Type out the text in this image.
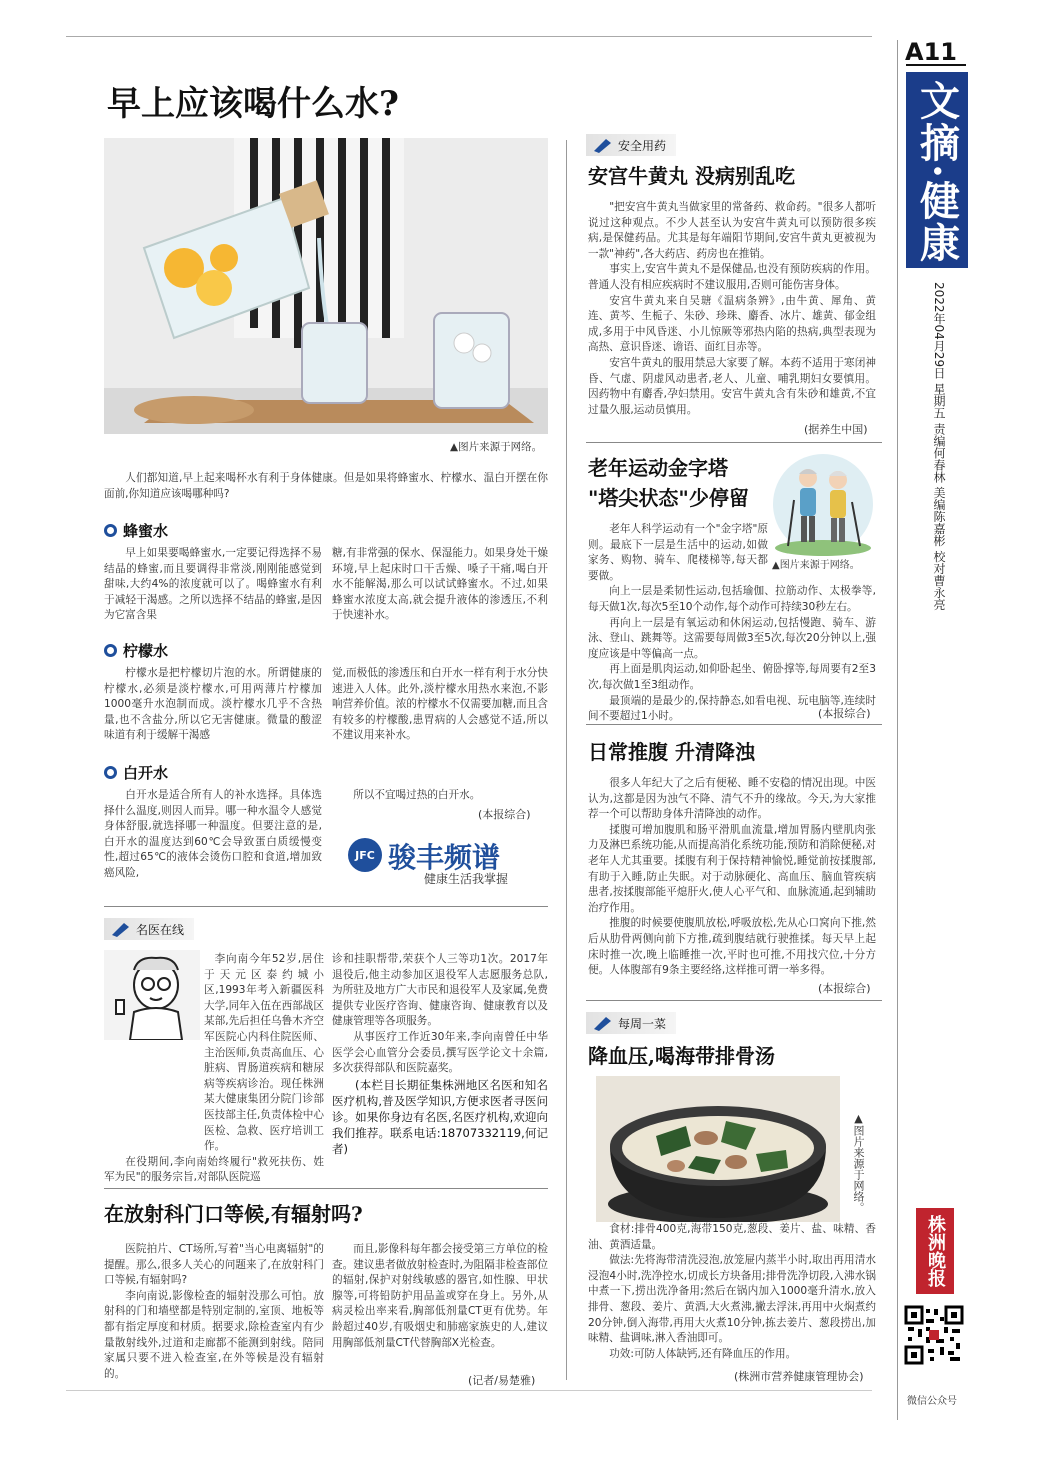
A11
文摘·健康
2022年04月29日 星期五 责编何春林 美编陈嘉彬 校对曹永亮
株洲晚报
微信公众号
早上应该喝什么水?
▲图片来源于网络。

人们都知道,早上起来喝杯水有利于身体健康。但是如果将蜂蜜水、柠檬水、温白开摆在你面前,你知道应该喝哪种吗?

蜂蜜水

早上如果要喝蜂蜜水,一定要记得选择不易结晶的蜂蜜,而且要调得非常淡,刚刚能感觉到甜味,大约4%的浓度就可以了。喝蜂蜜水有利于减轻干渴感。之所以选择不结晶的蜂蜜,是因为它富含果

糖,有非常强的保水、保湿能力。如果身处干燥环境,早上起床时口干舌燥、嗓子干痛,喝白开水不能解渴,那么可以试试蜂蜜水。不过,如果蜂蜜水浓度太高,就会提升液体的渗透压,不利于快速补水。

柠檬水

柠檬水是把柠檬切片泡的水。所谓健康的柠檬水,必须是淡柠檬水,可用两薄片柠檬加1000毫升水泡制而成。淡柠檬水几乎不含热量,也不含盐分,所以它无害健康。微量的酸涩味道有利于缓解干渴感

觉,而极低的渗透压和白开水一样有利于水分快速进入人体。此外,淡柠檬水用热水来泡,不影响营养价值。浓的柠檬水不仅需要加糖,而且含有较多的柠檬酸,患胃病的人会感觉不适,所以不建议用来补水。

白开水

白开水是适合所有人的补水选择。具体选择什么温度,则因人而异。哪一种水温令人感觉身体舒服,就选择哪一种温度。但要注意的是,白开水的温度达到60℃会导致蛋白质缓慢变性,超过65℃的液体会烫伤口腔和食道,增加致癌风险,

所以不宜喝过热的白开水。

(本报综合)
JFC 骏丰频谱
健康生活我掌握
名医在线

李向南今年52岁,居住于天元区泰约城小区,1993年考入新疆医科大学,同年入伍在西部战区某部,先后担任乌鲁木齐空军医院心内科住院医师、主治医师,负责高血压、心脏病、胃肠道疾病和糖尿病等疾病诊治。现任株洲某大健康集团分院门诊部医技部主任,负责体检中心医检、急救、医疗培训工作。

在役期间,李向南始终履行"救死扶伤、姓军为民"的服务宗旨,对部队医院巡

诊和挂职帮带,荣获个人三等功1次。2017年退役后,他主动参加区退役军人志愿服务总队,为所驻及地方广大市民和退役军人及家属,免费提供专业医疗咨询、健康咨询、健康教育以及健康管理等各项服务。

从事医疗工作近30年来,李向南曾任中华医学会心血管分会委员,撰写医学论文十余篇,多次获得部队和医院嘉奖。

(本栏目长期征集株洲地区名医和知名医疗机构,普及医学知识,方便求医者寻医问诊。如果你身边有名医,名医疗机构,欢迎向我们推荐。联系电话:18707332119,何记者)

在放射科门口等候,有辐射吗?

医院拍片、CT场所,写着"当心电离辐射"的提醒。那么,很多人关心的问题来了,在放射科门口等候,有辐射吗?

李向南说,影像检查的辐射没那么可怕。放射科的门和墙壁都是特别定制的,室顶、地板等都有指定厚度和材质。据要求,除检查室内有少量散射线外,过道和走廊都不能测到射线。陪同家属只要不进入检查室,在外等候是没有辐射的。

而且,影像科每年都会接受第三方单位的检查。建议患者做放射检查时,为阻隔非检查部位的辐射,保护对射线敏感的器官,如性腺、甲状腺等,可将铅防护用品盖或穿在身上。另外,从病灵检出率来看,胸部低剂量CT更有优势。年龄超过40岁,有吸烟史和肺癌家族史的人,建议用胸部低剂量CT代替胸部X光检查。

(记者/易楚雅)
安全用药
安宫牛黄丸 没病别乱吃

"把安宫牛黄丸当做家里的常备药、救命药。"很多人都听说过这种观点。不少人甚至认为安宫牛黄丸可以预防很多疾病,是保健药品。尤其是每年端阳节期间,安宫牛黄丸更被视为一款"神药",各大药店、药房也在推销。

事实上,安宫牛黄丸不是保健品,也没有预防疾病的作用。普通人没有相应疾病时不建议服用,否则可能伤害身体。

安宫牛黄丸来自吴瑭《温病条辨》,由牛黄、犀角、黄连、黄芩、生栀子、朱砂、珍珠、麝香、冰片、雄黄、郁金组成,多用于中风昏迷、小儿惊厥等邪热内陷的热病,典型表现为高热、意识昏迷、谵语、面红目赤等。

安宫牛黄丸的服用禁忌大家要了解。本药不适用于寒闭神昏、气虚、阴虚风动患者,老人、儿童、哺乳期妇女要慎用。因药物中有麝香,孕妇禁用。安宫牛黄丸含有朱砂和雄黄,不宜过量久服,运动员慎用。

(据养生中国)
老年运动金字塔
"塔尖状态"少停留
▲图片来源于网络。

老年人科学运动有一个"金字塔"原则。最底下一层是生活中的运动,如做家务、购物、骑车、爬楼梯等,每天都要做。

向上一层是柔韧性运动,包括瑜伽、拉筋动作、太极拳等,每天做1次,每次5至10个动作,每个动作可持续30秒左右。

再向上一层是有氧运动和休闲运动,包括慢跑、骑车、游泳、登山、跳舞等。这需要每周做3至5次,每次20分钟以上,强度应该是中等偏高一点。

再上面是肌肉运动,如仰卧起坐、俯卧撑等,每周要有2至3次,每次做1至3组动作。

最顶端的是最少的,保持静态,如看电视、玩电脑等,连续时间不要超过1小时。	(本报综合)
日常推腹 升清降浊

很多人年纪大了之后有便秘、睡不安稳的情况出现。中医认为,这都是因为浊气不降、清气不升的缘故。今天,为大家推荐一个可以帮助身体升清降浊的动作。

揉腹可增加腹肌和肠平滑肌血流量,增加胃肠内壁肌肉张力及淋巴系统功能,从而提高消化系统功能,预防和消除便秘,对老年人尤其重要。揉腹有利于保持精神愉悦,睡觉前按揉腹部,有助于入睡,防止失眠。对于动脉硬化、高血压、脑血管疾病患者,按揉腹部能平熄肝火,使人心平气和、血脉流通,起到辅助治疗作用。

推腹的时候要使腹肌放松,呼吸放松,先从心口窝向下推,然后从肋骨两侧向前下方推,疏到腹结就行驶推揉。每天早上起床时推一次,晚上临睡推一次,平时也可推,不用找穴位,十分方便。人体腹部有9条主要经络,这样推可谓一举多得。

(本报综合)
每周一菜
降血压,喝海带排骨汤
▲图片来源于网络。

食材:排骨400克,海带150克,葱段、姜片、盐、味精、香油、黄酒适量。

做法:先将海带清洗浸泡,放笼屉内蒸半小时,取出再用清水浸泡4小时,洗净控水,切成长方块备用;排骨洗净切段,入沸水锅中煮一下,捞出洗净备用;然后在锅内加入1000毫升清水,放入排骨、葱段、姜片、黄酒,大火煮沸,撇去浮沫,再用中火焖煮约20分钟,倒入海带,再用大火煮10分钟,拣去姜片、葱段捞出,加味精、盐调味,淋入香油即可。

功效:可防人体缺钙,还有降血压的作用。

(株洲市营养健康管理协会)
